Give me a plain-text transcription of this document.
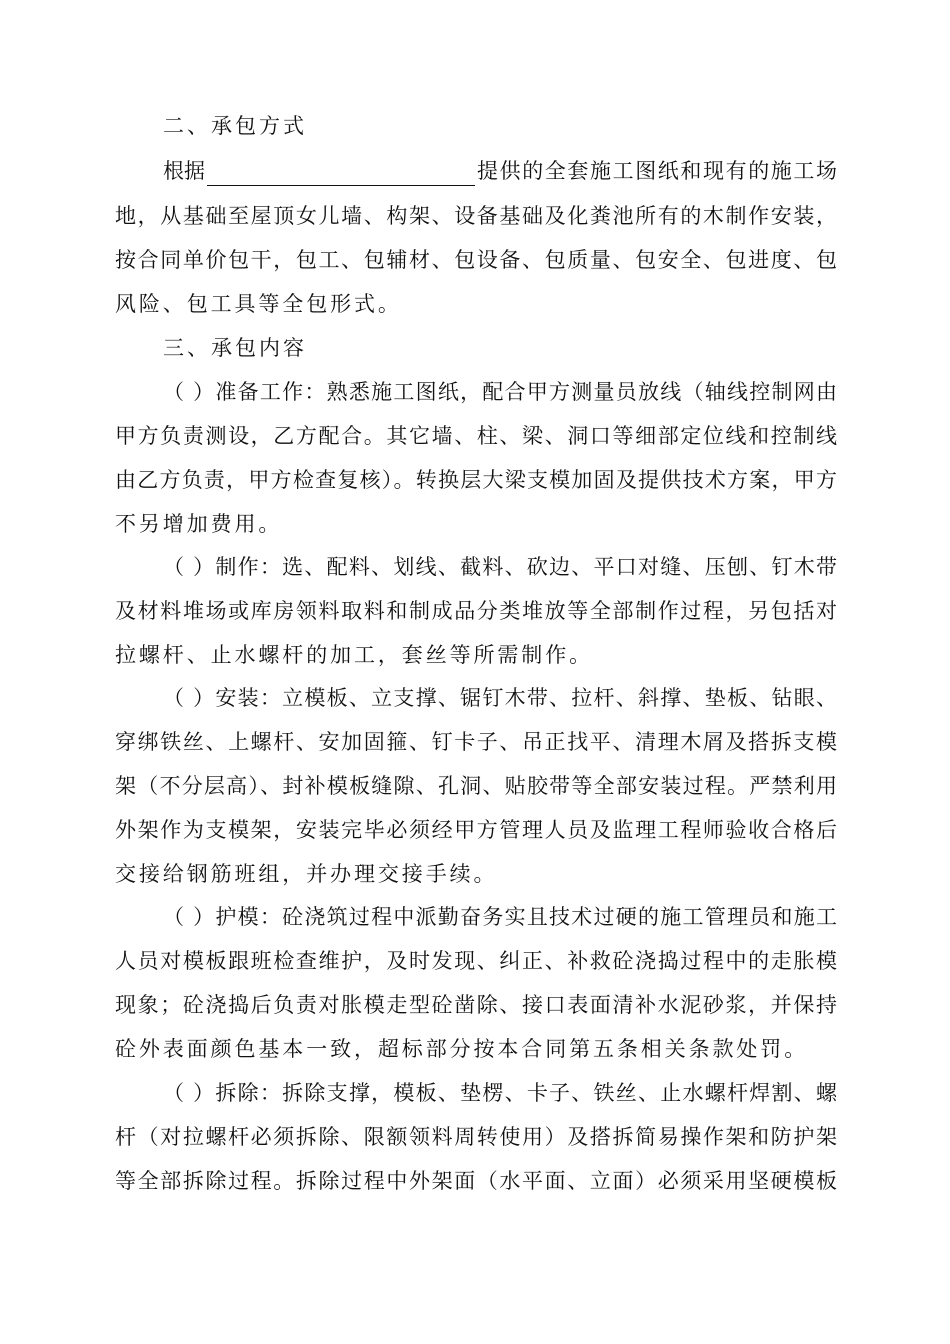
二、承包方式
根据	提供的全套施工图纸和现有的施工场
地，从基础至屋顶女儿墙、构架、设备基础及化粪池所有的木制作安装，
按合同单价包干，包工、包辅材、包设备、包质量、包安全、包进度、包
风险、包工具等全包形式。
三、承包内容
（ ）准备工作：熟悉施工图纸，配合甲方测量员放线（轴线控制网由
甲方负责测设，乙方配合。其它墙、柱、梁、洞口等细部定位线和控制线
由乙方负责，甲方检查复核）。转换层大梁支模加固及提供技术方案，甲方
不另增加费用。
（ ）制作：选、配料、划线、截料、砍边、平口对缝、压刨、钉木带
及材料堆场或库房领料取料和制成品分类堆放等全部制作过程，另包括对
拉螺杆、止水螺杆的加工，套丝等所需制作。
（ ）安装：立模板、立支撑、锯钉木带、拉杆、斜撑、垫板、钻眼、
穿绑铁丝、上螺杆、安加固箍、钉卡子、吊正找平、清理木屑及搭拆支模
架（不分层高）、封补模板缝隙、孔洞、贴胶带等全部安装过程。严禁利用
外架作为支模架，安装完毕必须经甲方管理人员及监理工程师验收合格后
交接给钢筋班组，并办理交接手续。
（ ）护模：砼浇筑过程中派勤奋务实且技术过硬的施工管理员和施工
人员对模板跟班检查维护，及时发现、纠正、补救砼浇捣过程中的走胀模
现象；砼浇捣后负责对胀模走型砼凿除、接口表面清补水泥砂浆，并保持
砼外表面颜色基本一致，超标部分按本合同第五条相关条款处罚。
（ ）拆除：拆除支撑，模板、垫楞、卡子、铁丝、止水螺杆焊割、螺
杆（对拉螺杆必须拆除、限额领料周转使用）及搭拆简易操作架和防护架
等全部拆除过程。拆除过程中外架面（水平面、立面）必须采用坚硬模板
